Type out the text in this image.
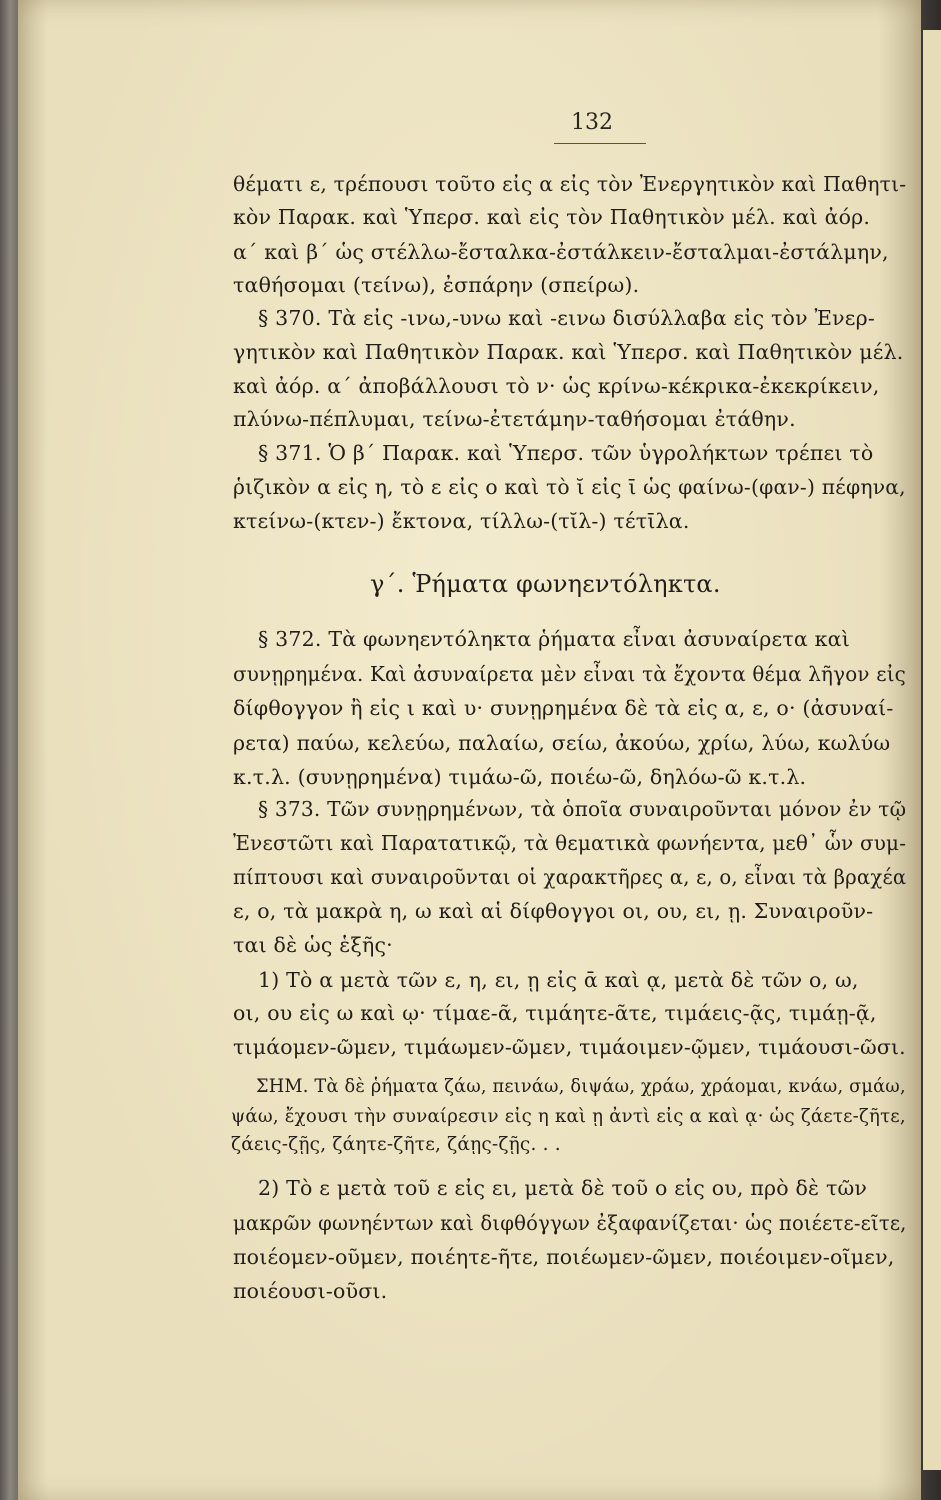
132
θέματι ε, τρέπουσι τοῦτο εἰς α εἰς τὸν Ἐνεργητικὸν καὶ Παθητι-
κὸν Παρακ. καὶ Ὑπερσ. καὶ εἰς τὸν Παθητικὸν μέλ. καὶ ἀόρ.
α´ καὶ β´ ὡς στέλλω-ἔσταλκα-ἐστάλκειν-ἔσταλμαι-ἐστάλμην,
ταθήσομαι (τείνω), ἐσπάρην (σπείρω).
§ 370. Τὰ εἰς -ινω,-υνω καὶ -εινω δισύλλαβα εἰς τὸν Ἐνερ-
γητικὸν καὶ Παθητικὸν Παρακ. καὶ Ὑπερσ. καὶ Παθητικὸν μέλ.
καὶ ἀόρ. α´ ἀποβάλλουσι τὸ ν· ὡς κρίνω-κέκρικα-ἐκεκρίκειν,
πλύνω-πέπλυμαι, τείνω-ἐτετάμην-ταθήσομαι ἐτάθην.
§ 371. Ὁ β´ Παρακ. καὶ Ὑπερσ. τῶν ὑγρολήκτων τρέπει τὸ
ῥιζικὸν α εἰς η, τὸ ε εἰς ο καὶ τὸ ῐ εἰς ῑ ὡς φαίνω-(φαν-) πέφηνα,
κτείνω-(κτεν-) ἔκτονα, τίλλω-(τῐλ-) τέτῑλα.
γ´. Ῥήματα φωνηεντόληκτα.
§ 372. Τὰ φωνηεντόληκτα ῥήματα εἶναι ἀσυναίρετα καὶ
συνῃρημένα. Καὶ ἀσυναίρετα μὲν εἶναι τὰ ἔχοντα θέμα λῆγον εἰς
δίφθογγον ἢ εἰς ι καὶ υ· συνῃρημένα δὲ τὰ εἰς α, ε, ο· (ἀσυναί-
ρετα) παύω, κελεύω, παλαίω, σείω, ἀκούω, χρίω, λύω, κωλύω
κ.τ.λ. (συνῃρημένα) τιμάω-ῶ, ποιέω-ῶ, δηλόω-ῶ κ.τ.λ.
§ 373. Τῶν συνῃρημένων, τὰ ὁποῖα συναιροῦνται μόνον ἐν τῷ
Ἐνεστῶτι καὶ Παρατατικῷ, τὰ θεματικὰ φωνήεντα, μεθ᾿ ὧν συμ-
πίπτουσι καὶ συναιροῦνται οἱ χαρακτῆρες α, ε, ο, εἶναι τὰ βραχέα
ε, ο, τὰ μακρὰ η, ω καὶ αἱ δίφθογγοι οι, ου, ει, ῃ. Συναιροῦν-
ται δὲ ὡς ἑξῆς·
1) Τὸ α μετὰ τῶν ε, η, ει, ῃ εἰς ᾱ καὶ ᾳ, μετὰ δὲ τῶν ο, ω,
οι, ου εἰς ω καὶ ῳ· τίμαε-ᾶ, τιμάητε-ᾶτε, τιμάεις-ᾷς, τιμάῃ-ᾷ,
τιμάομεν-ῶμεν, τιμάωμεν-ῶμεν, τιμάοιμεν-ῷμεν, τιμάουσι-ῶσι.
ΣΗΜ. Τὰ δὲ ῥήματα ζάω, πεινάω, διψάω, χράω, χράομαι, κνάω, σμάω,
ψάω, ἔχουσι τὴν συναίρεσιν εἰς η καὶ ῃ ἀντὶ εἰς α καὶ ᾳ· ὡς ζάετε-ζῆτε,
ζάεις-ζῇς, ζάητε-ζῆτε, ζάῃς-ζῇς. . .
2) Τὸ ε μετὰ τοῦ ε εἰς ει, μετὰ δὲ τοῦ ο εἰς ου, πρὸ δὲ τῶν
μακρῶν φωνηέντων καὶ διφθόγγων ἐξαφανίζεται· ὡς ποιέετε-εῖτε,
ποιέομεν-οῦμεν, ποιέητε-ῆτε, ποιέωμεν-ῶμεν, ποιέοιμεν-οῖμεν,
ποιέουσι-οῦσι.
